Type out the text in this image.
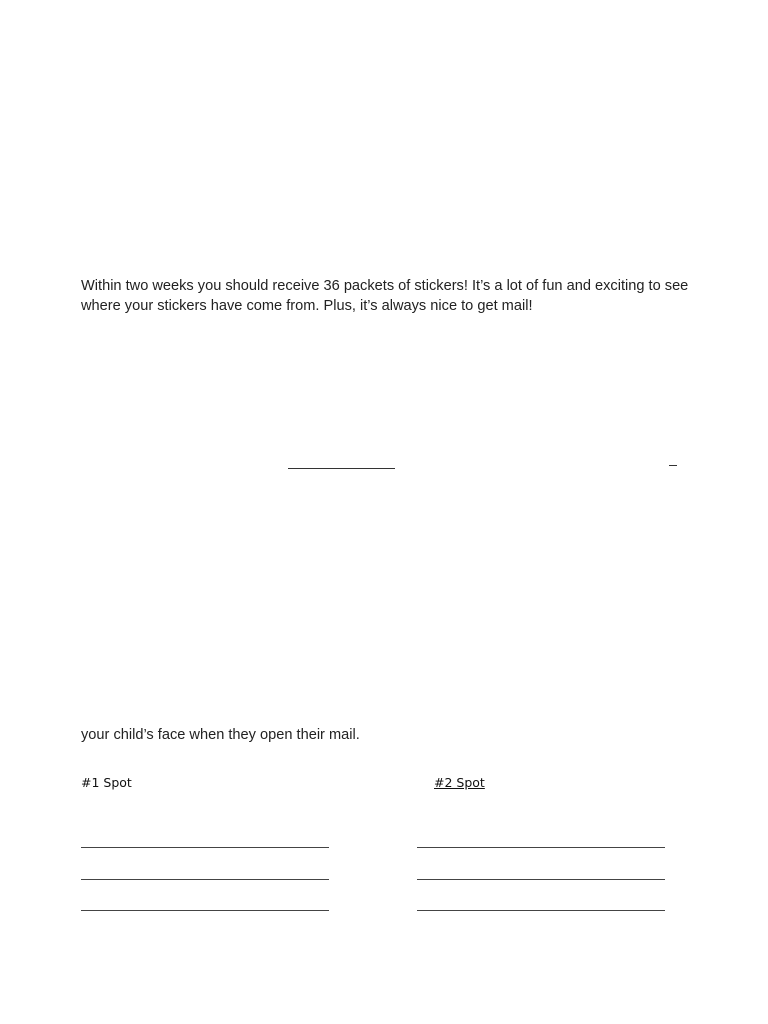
Within two weeks you should receive 36 packets of stickers! It’s a lot of fun and exciting to see where your stickers have come from. Plus, it’s always nice to get mail!
your child’s face when they open their mail.
#1 Spot	#2 Spot
